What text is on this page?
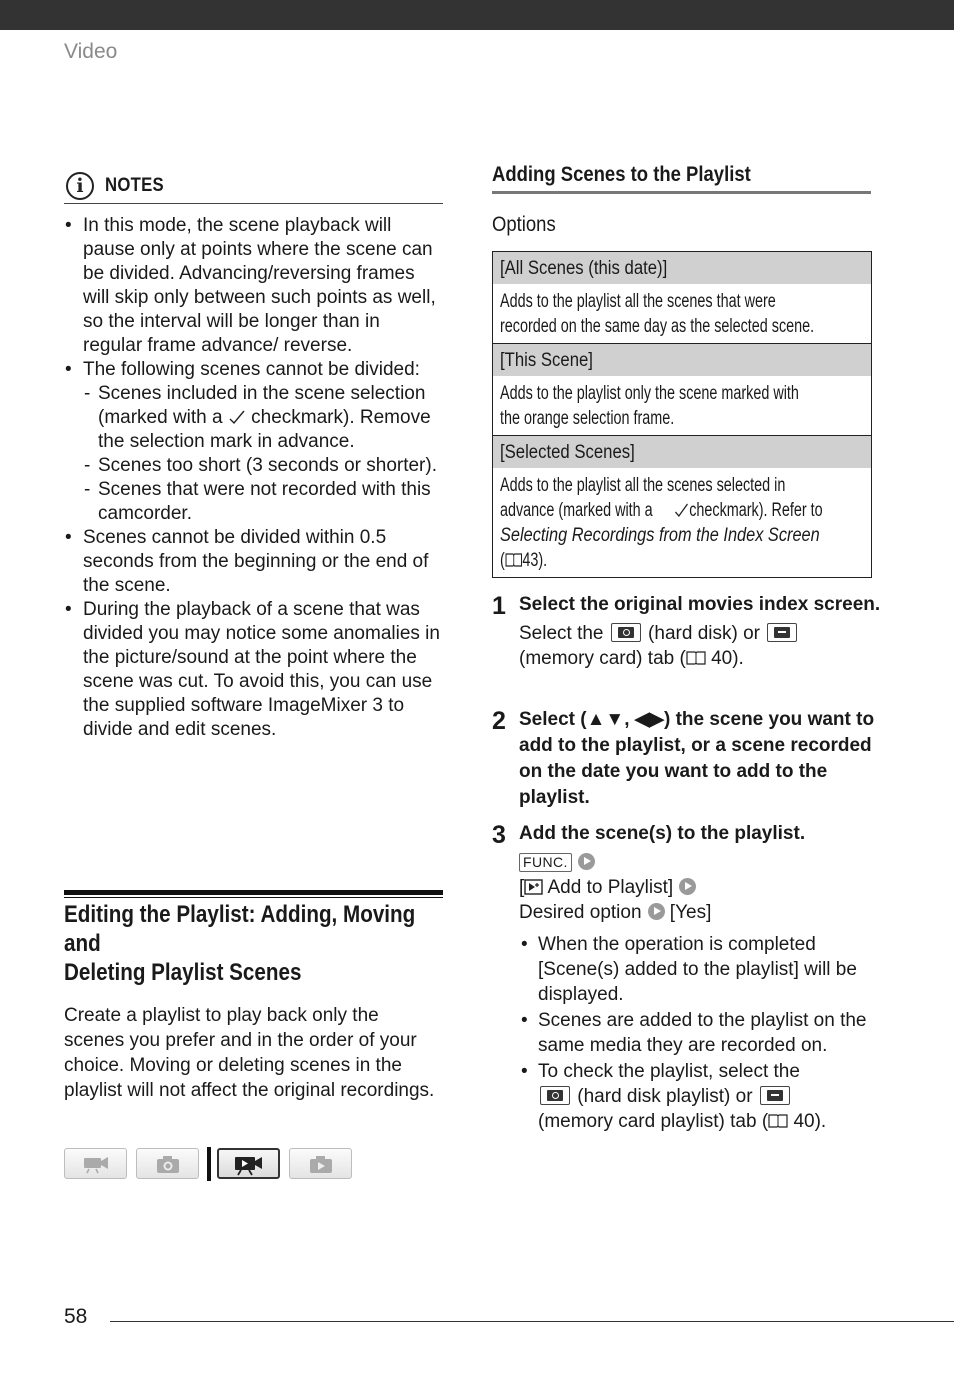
Video
i	NOTES
• In this mode, the scene playback will pause only at points where the scene can be divided. Advancing/reversing frames will skip only between such points as well, so the interval will be longer than in regular frame advance/ reverse.
• The following scenes cannot be divided:
- Scenes included in the scene selection (marked with a  checkmark). Remove the selection mark in advance.
- Scenes too short (3 seconds or shorter).
- Scenes that were not recorded with this camcorder.
• Scenes cannot be divided within 0.5 seconds from the beginning or the end of the scene.
• During the playback of a scene that was divided you may notice some anomalies in the picture/sound at the point where the scene was cut. To avoid this, you can use the supplied software ImageMixer 3 to divide and edit scenes.
Editing the Playlist: Adding, Moving and
Deleting Playlist Scenes
Create a playlist to play back only the scenes you prefer and in the order of your choice. Moving or deleting scenes in the playlist will not affect the original recordings.
Adding Scenes to the Playlist
Options
[All Scenes (this date)]
Adds to the playlist all the scenes that were
recorded on the same day as the selected scene.
[This Scene]
Adds to the playlist only the scene marked with
the orange selection frame.
[Selected Scenes]
Adds to the playlist all the scenes selected in
advance (marked with acheckmark). Refer to
Selecting Recordings from the Index Screen
(43).
1 Select the original movies index screen.
Select the
(hard disk) or

(memory card) tab ( 40).
2 Select (▲▼, ◀▶) the scene you want to add to the playlist, or a scene recorded on the date you want to add to the playlist.
3 Add the scene(s) to the playlist.
FUNC.
[ Add to Playlist]
Desired option [Yes]
• When the operation is completed [Scene(s) added to the playlist] will be displayed.
• Scenes are added to the playlist on the same media they are recorded on.
• To check the playlist, select the

(hard disk playlist) or

(memory card playlist) tab ( 40).
58
